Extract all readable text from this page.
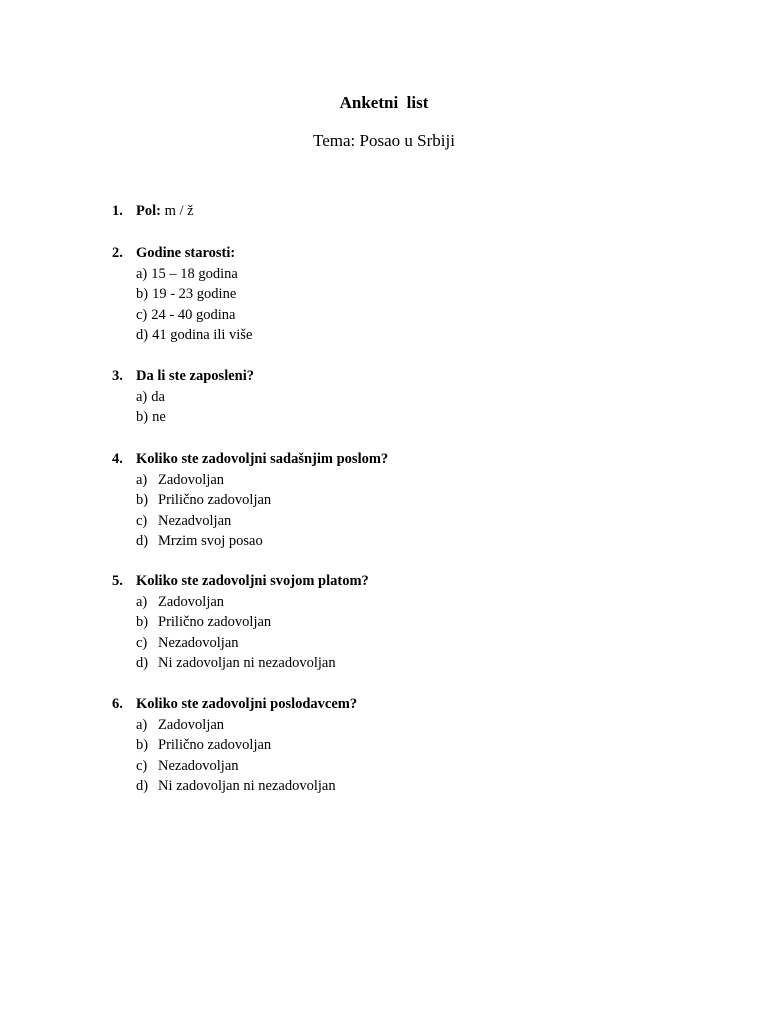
Anketni  list
Tema: Posao u Srbiji
1. Pol: m / ž
2. Godine starosti:
a) 15 – 18 godina
b) 19 - 23 godine
c) 24 - 40 godina
d) 41 godina ili više
3. Da li ste zaposleni?
a) da
b) ne
4. Koliko ste zadovoljni sadašnjim poslom?
a) Zadovoljan
b) Prilično zadovoljan
c) Nezadvoljan
d) Mrzim svoj posao
5. Koliko ste zadovoljni svojom platom?
a) Zadovoljan
b) Prilično zadovoljan
c) Nezadovoljan
d) Ni zadovoljan ni nezadovoljan
6. Koliko ste zadovoljni poslodavcem?
a) Zadovoljan
b) Prilično zadovoljan
c) Nezadovoljan
d) Ni zadovoljan ni nezadovoljan
